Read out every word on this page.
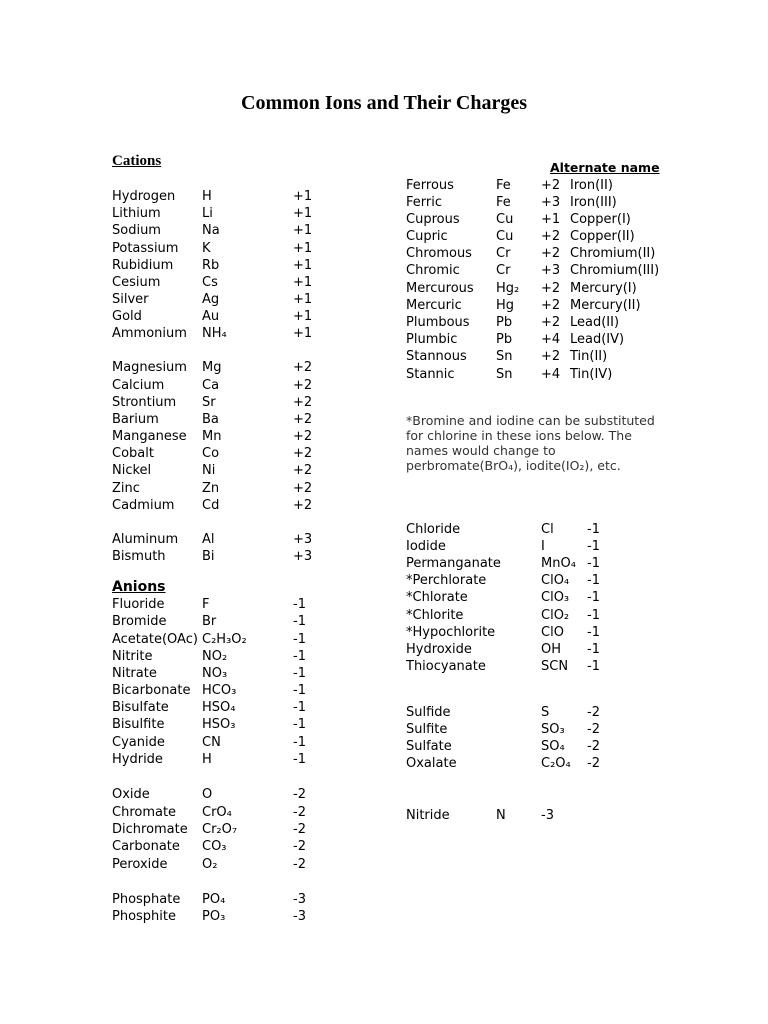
Common Ions and Their Charges
Cations
Anions
Alternate name
Hydrogen H	+1
Lithium	Li	+1
Sodium	Na	+1
Potassium K	+1
Rubidium Rb	+1
Cesium	Cs	+1
Silver	Ag	+1
Gold	Au	+1
Ammonium NH₄	+1
Magnesium Mg	+2
Calcium	Ca	+2
Strontium Sr	+2
Barium	Ba	+2
Manganese Mn	+2
Cobalt	Co	+2
Nickel	Ni	+2
Zinc	Zn	+2
Cadmium Cd	+2
Aluminum Al	+3
Bismuth	Bi	+3
Fluoride	F	-1
Bromide	Br	-1
Acetate(OAc) C₂H₃O₂	-1
Nitrite	NO₂	-1
Nitrate	NO₃	-1
Bicarbonate HCO₃	-1
Bisulfate	HSO₄	-1
Bisulfite	HSO₃	-1
Cyanide	CN	-1
Hydride	H	-1
Oxide	O	-2
Chromate CrO₄	-2
Dichromate Cr₂O₇	-2
Carbonate CO₃	-2
Peroxide	O₂	-2
Phosphate PO₄	-3
Phosphite PO₃	-3
Ferrous	Fe +2 Iron(II)
Ferric	Fe +3 Iron(III)
Cuprous	Cu +1 Copper(I)
Cupric	Cu +2 Copper(II)
Chromous Cr +2 Chromium(II)
Chromic	Cr +3 Chromium(III)
Mercurous Hg₂ +2 Mercury(I)
Mercuric	Hg +2 Mercury(II)
Plumbous Pb +2 Lead(II)
Plumbic	Pb +4 Lead(IV)
Stannous Sn +2 Tin(II)
Stannic	Sn +4 Tin(IV)
*Bromine and iodine can be substituted for chlorine in these ions below. The names would change to perbromate(BrO₄), iodite(IO₂), etc.
Chloride	Cl	-1
Iodide	I	-1
Permanganate	MnO₄ -1
*Perchlorate	ClO₄ -1
*Chlorate	ClO₃ -1
*Chlorite	ClO₂ -1
*Hypochlorite	ClO -1
Hydroxide	OH -1
Thiocyanate	SCN -1
Sulfide	S	-2
Sulfite	SO₃ -2
Sulfate	SO₄ -2
Oxalate	C₂O₄ -2
Nitride	N	-3
